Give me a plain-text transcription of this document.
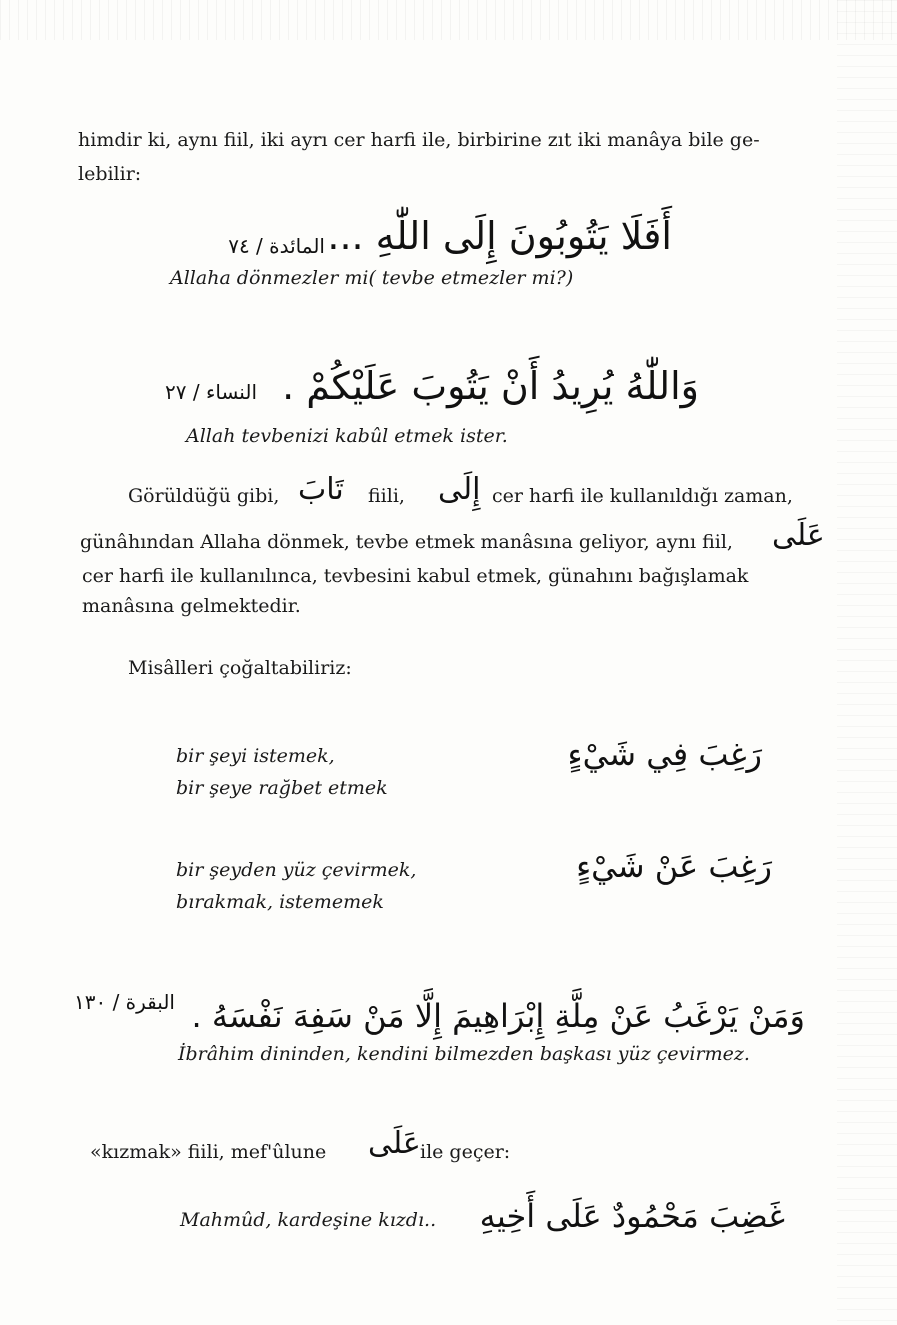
himdir ki, aynı fiil, iki ayrı cer harfi ile, birbirine zıt iki manâya bile ge-
lebilir:
أَفَلَا يَتُوبُونَ إِلَى اللّٰهِ ...
المائدة / ٧٤
Allaha dönmezler mi( tevbe etmezler mi?)
وَاللّٰهُ يُرِيدُ أَنْ يَتُوبَ عَلَيْكُمْ .
النساء / ٢٧
Allah tevbenizi kabûl etmek ister.
Görüldüğü gibi, تَابَ fiili, إِلَى cer harfi ile kullanıldığı zaman,
günâhından Allaha dönmek, tevbe etmek manâsına geliyor, aynı fiil, عَلَى
cer harfi ile kullanılınca, tevbesini kabul etmek, günahını bağışlamak
manâsına gelmektedir.
Misâlleri çoğaltabiliriz:
bir şeyi istemek,
bir şeye rağbet etmek
رَغِبَ فِي شَيْءٍ
bir şeyden yüz çevirmek,
bırakmak, istememek
رَغِبَ عَنْ شَيْءٍ
وَمَنْ يَرْغَبُ عَنْ مِلَّةِ إِبْرَاهِيمَ إِلَّا مَنْ سَفِهَ نَفْسَهُ .
البقرة / ١٣٠
İbrâhim dininden, kendini bilmezden başkası yüz çevirmez.
«kızmak» fiili, mef'ûlune عَلَى ile geçer:
Mahmûd, kardeşine kızdı.. غَضِبَ مَحْمُودٌ عَلَى أَخِيهِ
